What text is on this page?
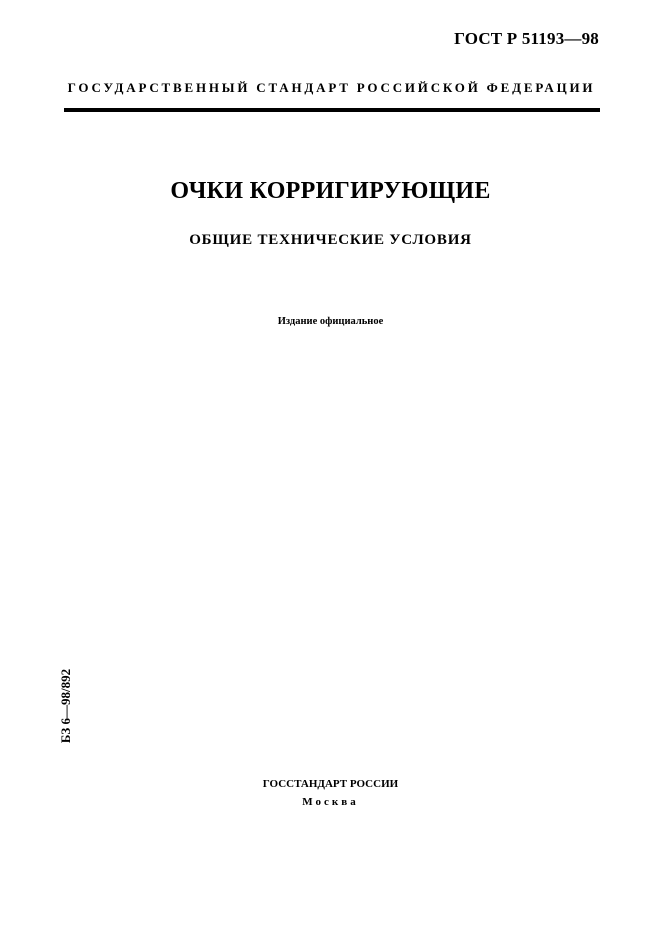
ГОСТ Р 51193—98
ГОСУДАРСТВЕННЫЙ СТАНДАРТ РОССИЙСКОЙ ФЕДЕРАЦИИ
ОЧКИ КОРРИГИРУЮЩИЕ
ОБЩИЕ ТЕХНИЧЕСКИЕ УСЛОВИЯ
Издание официальное
БЗ 6—98/892
ГОССТАНДАРТ РОССИИ
Москва
